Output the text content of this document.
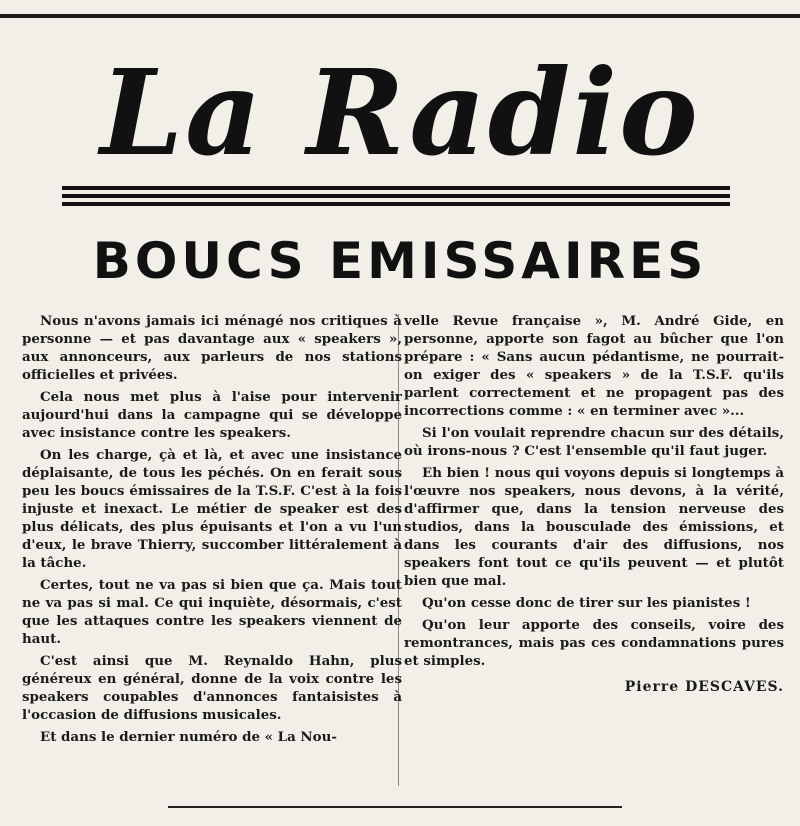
La Radio
BOUCS EMISSAIRES

Nous n'avons jamais ici ménagé nos critiques à personne — et pas davantage aux « speakers », aux annonceurs, aux parleurs de nos stations officielles et privées.

Cela nous met plus à l'aise pour intervenir aujourd'hui dans la campagne qui se développe avec insistance contre les speakers.

On les charge, çà et là, et avec une insistance déplaisante, de tous les péchés. On en ferait sous peu les boucs émissaires de la T.S.F. C'est à la fois injuste et inexact. Le métier de speaker est des plus délicats, des plus épuisants et l'on a vu l'un d'eux, le brave Thierry, succomber littéralement à la tâche.

Certes, tout ne va pas si bien que ça. Mais tout ne va pas si mal. Ce qui inquiète, désormais, c'est que les attaques contre les speakers viennent de haut.

C'est ainsi que M. Reynaldo Hahn, plus généreux en général, donne de la voix contre les speakers coupables d'annonces fantaisistes à l'occasion de diffusions musicales.

Et dans le dernier numéro de « La Nou-

velle Revue française », M. André Gide, en personne, apporte son fagot au bûcher que l'on prépare : « Sans aucun pédantisme, ne pourrait-on exiger des « speakers » de la T.S.F. qu'ils parlent correctement et ne propagent pas des incorrections comme : « en terminer avec »...

Si l'on voulait reprendre chacun sur des détails, où irons-nous ? C'est l'ensemble qu'il faut juger.

Eh bien ! nous qui voyons depuis si longtemps à l'œuvre nos speakers, nous devons, à la vérité, d'affirmer que, dans la tension nerveuse des studios, dans la bousculade des émissions, et dans les courants d'air des diffusions, nos speakers font tout ce qu'ils peuvent — et plutôt bien que mal.

Qu'on cesse donc de tirer sur les pianistes !

Qu'on leur apporte des conseils, voire des remontrances, mais pas ces condamnations pures et simples.

Pierre DESCAVES.
